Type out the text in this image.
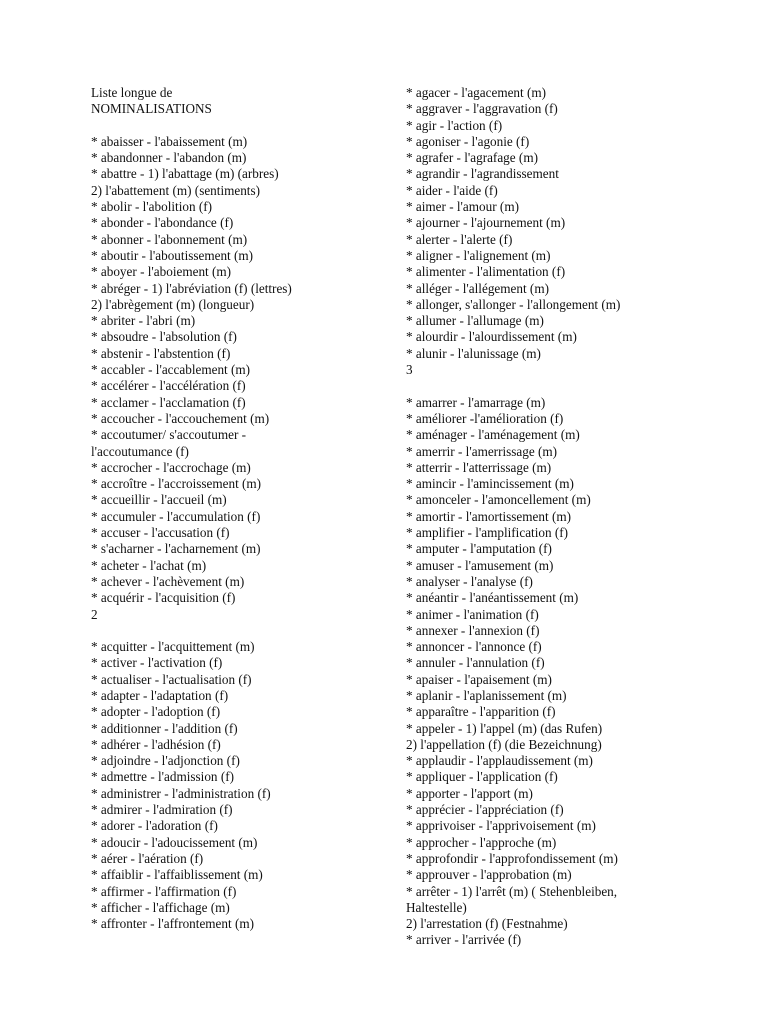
Liste longue de
NOMINALISATIONS
* abaisser - l'abaissement (m)
* abandonner - l'abandon (m)
* abattre - 1) l'abattage (m) (arbres)
2) l'abattement (m) (sentiments)
* abolir - l'abolition (f)
* abonder - l'abondance (f)
* abonner - l'abonnement (m)
* aboutir - l'aboutissement (m)
* aboyer - l'aboiement (m)
* abréger - 1) l'abréviation (f) (lettres)
2) l'abrègement (m) (longueur)
* abriter - l'abri (m)
* absoudre - l'absolution (f)
* abstenir - l'abstention (f)
* accabler - l'accablement (m)
* accélérer - l'accélération (f)
* acclamer - l'acclamation (f)
* accoucher - l'accouchement (m)
* accoutumer/ s'accoutumer -
l'accoutumance (f)
* accrocher - l'accrochage (m)
* accroître - l'accroissement (m)
* accueillir - l'accueil (m)
* accumuler - l'accumulation (f)
* accuser - l'accusation (f)
* s'acharner - l'acharnement (m)
* acheter - l'achat (m)
* achever - l'achèvement (m)
* acquérir - l'acquisition (f)
2
* acquitter - l'acquittement (m)
* activer - l'activation (f)
* actualiser - l'actualisation (f)
* adapter - l'adaptation (f)
* adopter - l'adoption (f)
* additionner - l'addition (f)
* adhérer - l'adhésion (f)
* adjoindre - l'adjonction (f)
* admettre - l'admission (f)
* administrer - l'administration (f)
* admirer - l'admiration (f)
* adorer - l'adoration (f)
* adoucir - l'adoucissement (m)
* aérer - l'aération (f)
* affaiblir - l'affaiblissement (m)
* affirmer - l'affirmation (f)
* afficher - l'affichage (m)
* affronter - l'affrontement (m)
* agacer - l'agacement (m)
* aggraver - l'aggravation (f)
* agir - l'action (f)
* agoniser - l'agonie (f)
* agrafer - l'agrafage (m)
* agrandir - l'agrandissement
* aider - l'aide (f)
* aimer - l'amour (m)
* ajourner - l'ajournement (m)
* alerter - l'alerte (f)
* aligner - l'alignement (m)
* alimenter - l'alimentation (f)
* alléger - l'allégement (m)
* allonger, s'allonger - l'allongement (m)
* allumer - l'allumage (m)
* alourdir - l'alourdissement (m)
* alunir - l'alunissage (m)
3
* amarrer - l'amarrage (m)
* améliorer -l'amélioration (f)
* aménager - l'aménagement (m)
* amerrir - l'amerrissage (m)
* atterrir - l'atterrissage (m)
* amincir - l'amincissement (m)
* amonceler - l'amoncellement (m)
* amortir - l'amortissement (m)
* amplifier - l'amplification (f)
* amputer - l'amputation (f)
* amuser - l'amusement (m)
* analyser - l'analyse (f)
* anéantir - l'anéantissement (m)
* animer - l'animation (f)
* annexer - l'annexion (f)
* annoncer - l'annonce (f)
* annuler - l'annulation (f)
* apaiser - l'apaisement (m)
* aplanir - l'aplanissement (m)
* apparaître - l'apparition (f)
* appeler - 1) l'appel (m) (das Rufen)
2) l'appellation (f) (die Bezeichnung)
* applaudir - l'applaudissement (m)
* appliquer - l'application (f)
* apporter - l'apport (m)
* apprécier - l'appréciation (f)
* apprivoiser - l'apprivoisement (m)
* approcher - l'approche (m)
* approfondir - l'approfondissement (m)
* approuver - l'approbation (m)
* arrêter - 1) l'arrêt (m) ( Stehenbleiben,
Haltestelle)
2) l'arrestation (f) (Festnahme)
* arriver - l'arrivée (f)
